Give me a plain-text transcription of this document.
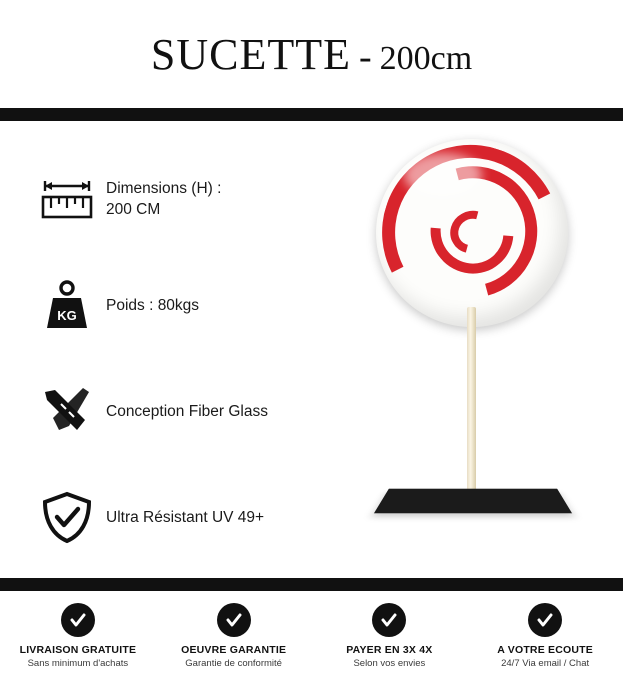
SUCETTE - 200cm
Dimensions (H) :
200 CM
KG
Poids : 80kgs
Conception Fiber Glass
Ultra Résistant UV 49+
LIVRAISON GRATUITE
Sans minimum d'achats
OEUVRE GARANTIE
Garantie de conformité
PAYER EN 3X 4X
Selon vos envies
A VOTRE ECOUTE
24/7 Via email / Chat
